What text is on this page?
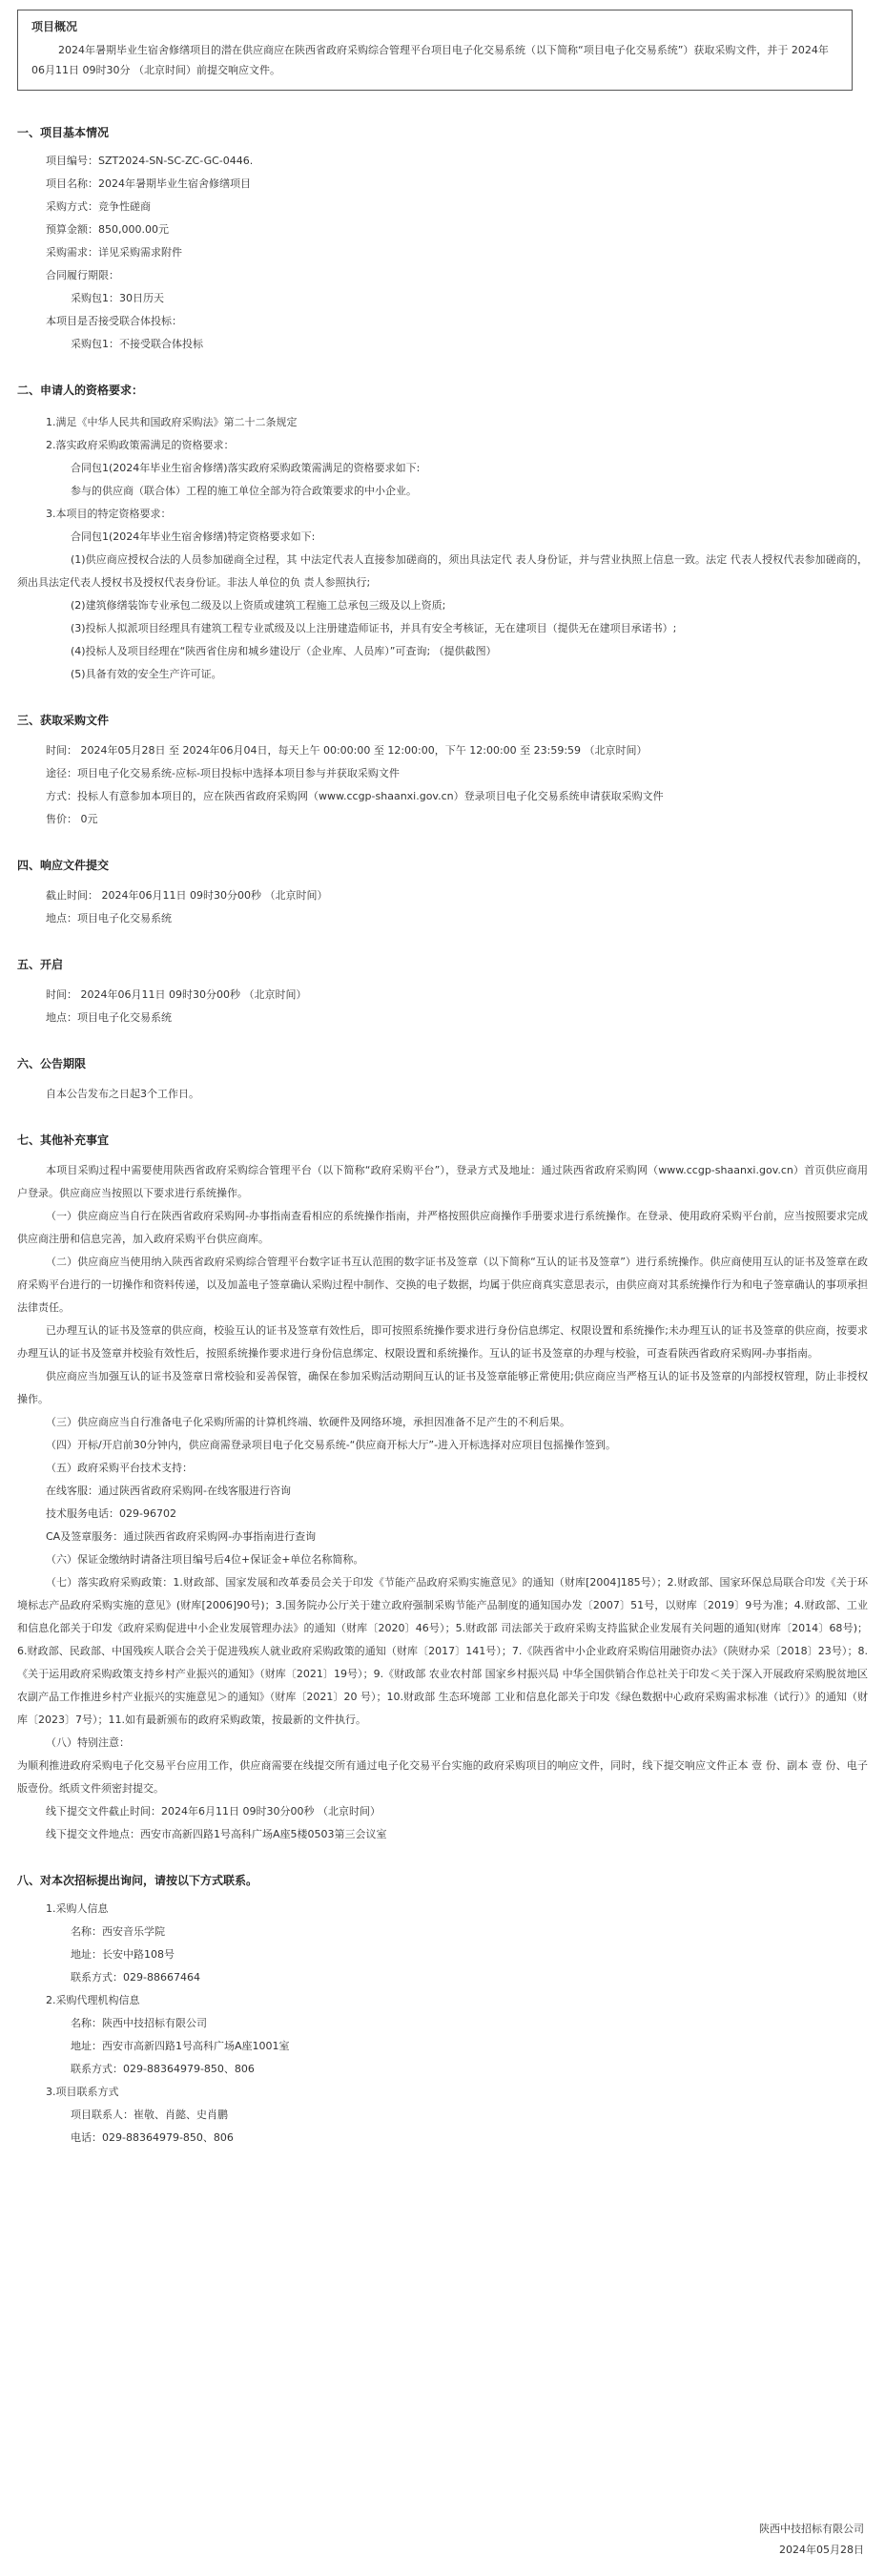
项目概况
2024年暑期毕业生宿舍修缮项目的潜在供应商应在陕西省政府采购综合管理平台项目电子化交易系统（以下简称“项目电子化交易系统”）获取采购文件，并于 2024年06月11日 09时30分 （北京时间）前提交响应文件。
一、项目基本情况
项目编号：SZT2024-SN-SC-ZC-GC-0446.
项目名称：2024年暑期毕业生宿舍修缮项目
采购方式：竞争性磋商
预算金额：850,000.00元
采购需求：详见采购需求附件
合同履行期限：
采购包1：30日历天
本项目是否接受联合体投标：
采购包1：不接受联合体投标
二、申请人的资格要求：
1.满足《中华人民共和国政府采购法》第二十二条规定
2.落实政府采购政策需满足的资格要求：
合同包1(2024年毕业生宿舍修缮)落实政府采购政策需满足的资格要求如下:
参与的供应商（联合体）工程的施工单位全部为符合政策要求的中小企业。
3.本项目的特定资格要求：
合同包1(2024年毕业生宿舍修缮)特定资格要求如下:
(1)供应商应授权合法的人员参加磋商全过程，其 中法定代表人直接参加磋商的，须出具法定代 表人身份证，并与营业执照上信息一致。法定 代表人授权代表参加磋商的，须出具法定代表人授权书及授权代表身份证。非法人单位的负 责人参照执行;
(2)建筑修缮装饰专业承包二级及以上资质或建筑工程施工总承包三级及以上资质;
(3)投标人拟派项目经理具有建筑工程专业贰级及以上注册建造师证书，并具有安全考核证，无在建项目（提供无在建项目承诺书）;
(4)投标人及项目经理在“陕西省住房和城乡建设厅（企业库、人员库）”可查询; （提供截图）
(5)具备有效的安全生产许可证。
三、获取采购文件
时间： 2024年05月28日 至 2024年06月04日，每天上午 00:00:00 至 12:00:00，下午 12:00:00 至 23:59:59 （北京时间）
途径：项目电子化交易系统-应标-项目投标中选择本项目参与并获取采购文件
方式：投标人有意参加本项目的，应在陕西省政府采购网（www.ccgp-shaanxi.gov.cn）登录项目电子化交易系统申请获取采购文件
售价： 0元
四、响应文件提交
截止时间： 2024年06月11日 09时30分00秒 （北京时间）
地点：项目电子化交易系统
五、开启
时间： 2024年06月11日 09时30分00秒 （北京时间）
地点：项目电子化交易系统
六、公告期限
自本公告发布之日起3个工作日。
七、其他补充事宜
本项目采购过程中需要使用陕西省政府采购综合管理平台（以下简称“政府采购平台”），登录方式及地址：通过陕西省政府采购网（www.ccgp-shaanxi.gov.cn）首页供应商用户登录。供应商应当按照以下要求进行系统操作。
（一）供应商应当自行在陕西省政府采购网-办事指南查看相应的系统操作指南，并严格按照供应商操作手册要求进行系统操作。在登录、使用政府采购平台前，应当按照要求完成供应商注册和信息完善，加入政府采购平台供应商库。
（二）供应商应当使用纳入陕西省政府采购综合管理平台数字证书互认范围的数字证书及签章（以下简称“互认的证书及签章”）进行系统操作。供应商使用互认的证书及签章在政府采购平台进行的一切操作和资料传递，以及加盖电子签章确认采购过程中制作、交换的电子数据，均属于供应商真实意思表示，由供应商对其系统操作行为和电子签章确认的事项承担法律责任。
已办理互认的证书及签章的供应商，校验互认的证书及签章有效性后，即可按照系统操作要求进行身份信息绑定、权限设置和系统操作;未办理互认的证书及签章的供应商，按要求办理互认的证书及签章并校验有效性后，按照系统操作要求进行身份信息绑定、权限设置和系统操作。互认的证书及签章的办理与校验，可查看陕西省政府采购网-办事指南。
供应商应当加强互认的证书及签章日常校验和妥善保管，确保在参加采购活动期间互认的证书及签章能够正常使用;供应商应当严格互认的证书及签章的内部授权管理，防止非授权操作。
（三）供应商应当自行准备电子化采购所需的计算机终端、软硬件及网络环境，承担因准备不足产生的不利后果。
（四）开标/开启前30分钟内，供应商需登录项目电子化交易系统-“供应商开标大厅”-进入开标选择对应项目包摇操作签到。
（五）政府采购平台技术支持：
在线客服：通过陕西省政府采购网-在线客服进行咨询
技术服务电话：029-96702
CA及签章服务：通过陕西省政府采购网-办事指南进行查询
（六）保证金缴纳时请备注项目编号后4位+保证金+单位名称简称。
（七）落实政府采购政策：1.财政部、国家发展和改革委员会关于印发《节能产品政府采购实施意见》的通知（财库[2004]185号）；2.财政部、国家环保总局联合印发《关于环境标志产品政府采购实施的意见》(财库[2006]90号)；3.国务院办公厅关于建立政府强制采购节能产品制度的通知国办发〔2007〕51号，以财库〔2019〕9号为准；4.财政部、工业和信息化部关于印发《政府采购促进中小企业发展管理办法》的通知（财库〔2020〕46号）；5.财政部 司法部关于政府采购支持监狱企业发展有关问题的通知(财库〔2014〕68号)；6.财政部、民政部、中国残疾人联合会关于促进残疾人就业政府采购政策的通知（财库〔2017〕141号）；7.《陕西省中小企业政府采购信用融资办法》（陕财办采〔2018〕23号）；8.《关于运用政府采购政策支持乡村产业振兴的通知》（财库〔2021〕19号）；9.《财政部 农业农村部 国家乡村振兴局 中华全国供销合作总社关于印发＜关于深入开展政府采购脱贫地区农副产品工作推进乡村产业振兴的实施意见＞的通知》（财库〔2021〕20 号）；10.财政部 生态环境部 工业和信息化部关于印发《绿色数据中心政府采购需求标准（试行）》的通知（财库〔2023〕7号）；11.如有最新颁布的政府采购政策，按最新的文件执行。
（八）特别注意：
为顺利推进政府采购电子化交易平台应用工作，供应商需要在线提交所有通过电子化交易平台实施的政府采购项目的响应文件，同时，线下提交响应文件正本 壹 份、副本 壹 份、电子版壹份。纸质文件须密封提交。
线下提交文件截止时间：2024年6月11日 09时30分00秒 （北京时间）
线下提交文件地点：西安市高新四路1号高科广场A座5楼0503第三会议室
八、对本次招标提出询问，请按以下方式联系。
1.采购人信息
名称：西安音乐学院
地址：长安中路108号
联系方式：029-88667464
2.采购代理机构信息
名称：陕西中技招标有限公司
地址：西安市高新四路1号高科广场A座1001室
联系方式：029-88364979-850、806
3.项目联系方式
项目联系人：崔敬、肖懿、史肖鹏
电话：029-88364979-850、806
陕西中技招标有限公司
2024年05月28日
